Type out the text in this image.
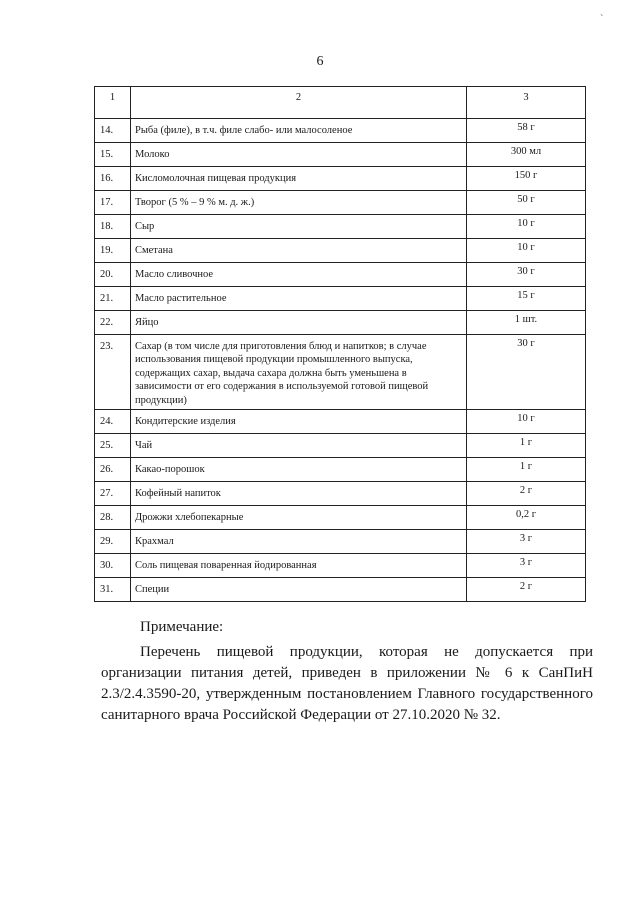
`
6
1	2	3
14.	Рыба (филе), в т.ч. филе слабо- или малосоленое	58 г
15.	Молоко	300 мл
16.	Кисломолочная пищевая продукция	150 г
17.	Творог (5 % – 9 % м. д. ж.)	50 г
18.	Сыр	10 г
19.	Сметана	10 г
20.	Масло сливочное	30 г
21.	Масло растительное	15 г
22.	Яйцо	1 шт.
23.	Сахар (в том числе для приготовления блюд и напитков; в случае использования пищевой продукции промышленного выпуска, содержащих сахар, выдача сахара должна быть уменьшена в зависимости от его содержания в используемой готовой пищевой продукции)	30 г
24.	Кондитерские изделия	10 г
25.	Чай	1 г
26.	Какао-порошок	1 г
27.	Кофейный напиток	2 г
28.	Дрожжи хлебопекарные	0,2 г
29.	Крахмал	3 г
30.	Соль пищевая поваренная йодированная	3 г
31.	Специи	2 г

Примечание:

Перечень пищевой продукции, которая не допускается при организации питания детей, приведен в приложении № 6 к СанПиН 2.3/2.4.3590-20, утвержденным постановлением Главного государственного санитарного врача Российской Федерации от 27.10.2020 № 32.
